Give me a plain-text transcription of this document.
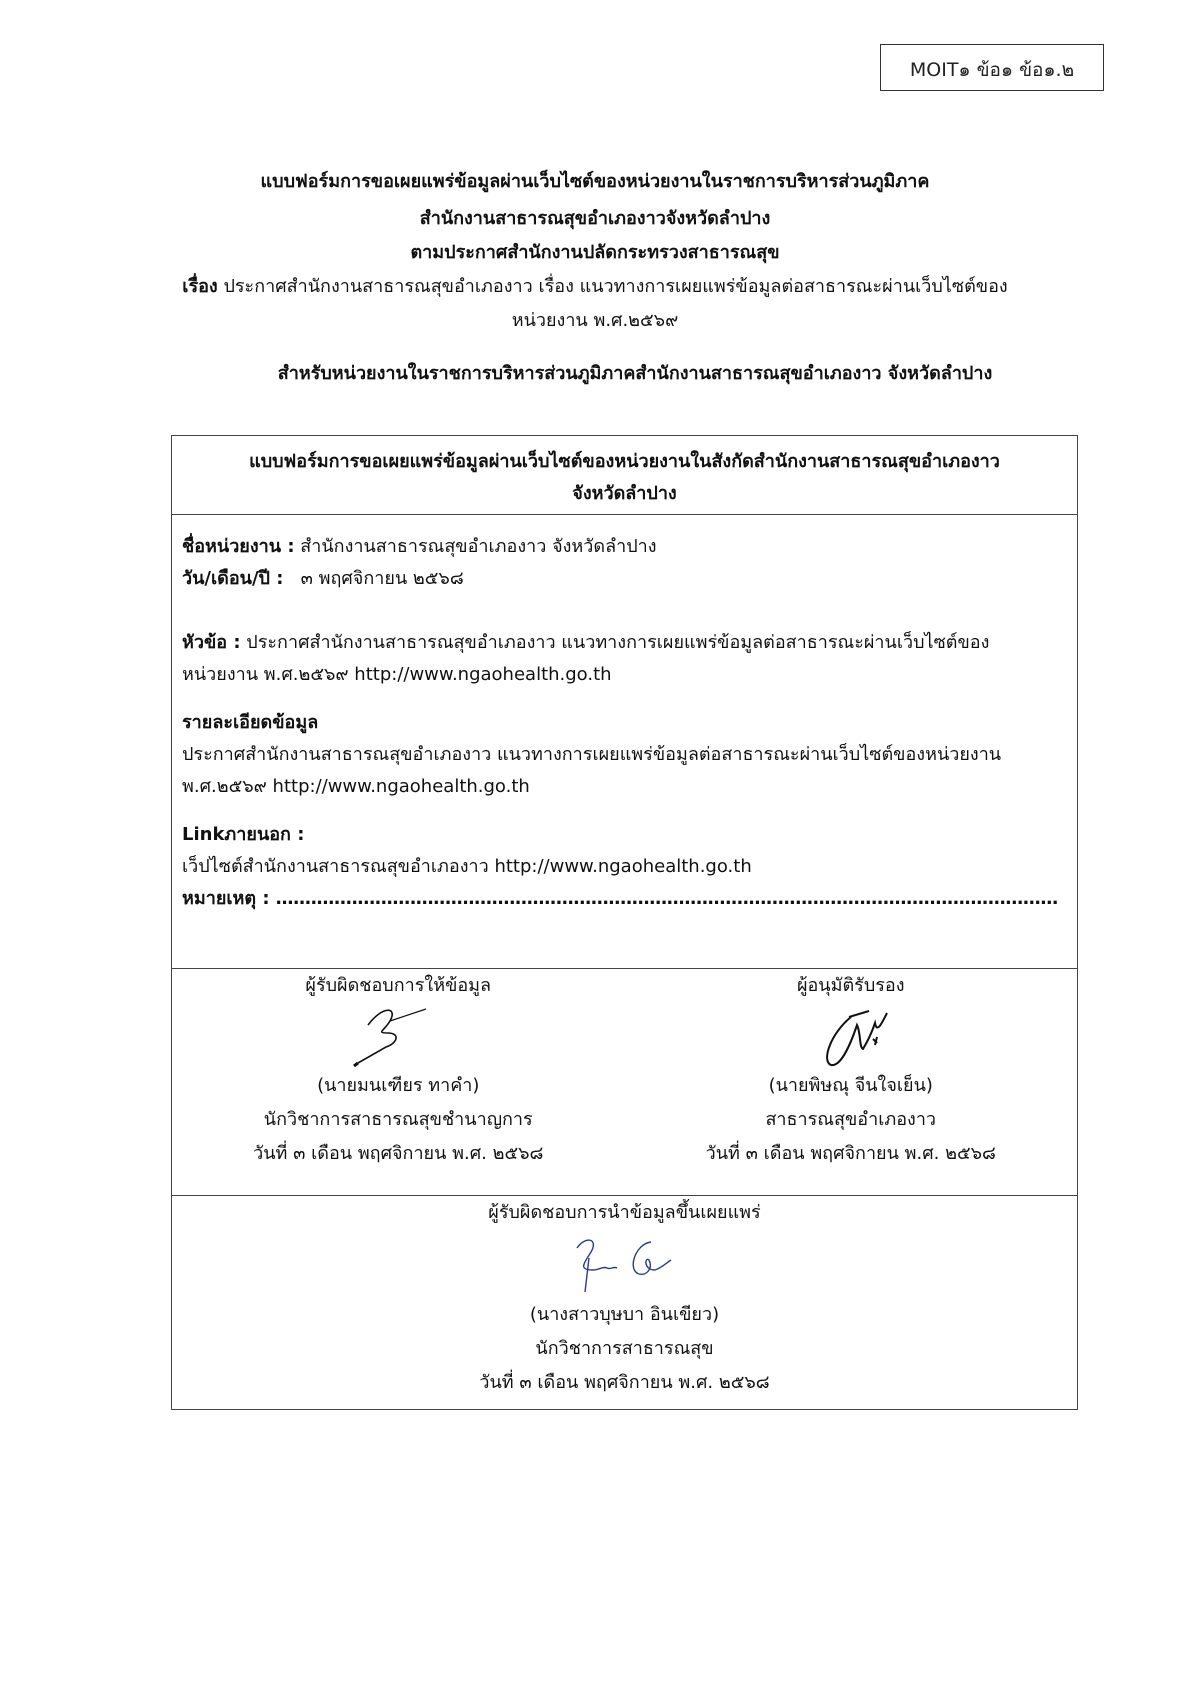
MOIT๑ ข้อ๑ ข้อ๑.๒
แบบฟอร์มการขอเผยแพร่ข้อมูลผ่านเว็บไซต์ของหน่วยงานในราชการบริหารส่วนภูมิภาค
สำนักงานสาธารณสุขอำเภองาวจังหวัดลำปาง
ตามประกาศสำนักงานปลัดกระทรวงสาธารณสุข
เรื่อง ประกาศสำนักงานสาธารณสุขอำเภองาว เรื่อง แนวทางการเผยแพร่ข้อมูลต่อสาธารณะผ่านเว็บไซต์ของ
หน่วยงาน พ.ศ.๒๕๖๙
สำหรับหน่วยงานในราชการบริหารส่วนภูมิภาคสำนักงานสาธารณสุขอำเภองาว จังหวัดลำปาง
แบบฟอร์มการขอเผยแพร่ข้อมูลผ่านเว็บไซต์ของหน่วยงานในสังกัดสำนักงานสาธารณสุขอำเภองาว
จังหวัดลำปาง

ชื่อหน่วยงาน : สำนักงานสาธารณสุขอำเภองาว จังหวัดลำปาง

วัน/เดือน/ปี : ๓ พฤศจิกายน ๒๕๖๘

หัวข้อ : ประกาศสำนักงานสาธารณสุขอำเภองาว แนวทางการเผยแพร่ข้อมูลต่อสาธารณะผ่านเว็บไซต์ของ

หน่วยงาน พ.ศ.๒๕๖๙ http://www.ngaohealth.go.th

รายละเอียดข้อมูล

ประกาศสำนักงานสาธารณสุขอำเภองาว แนวทางการเผยแพร่ข้อมูลต่อสาธารณะผ่านเว็บไซต์ของหน่วยงาน

พ.ศ.๒๕๖๙ http://www.ngaohealth.go.th

Linkภายนอก :

เว็ปไซต์สำนักงานสาธารณสุขอำเภองาว http://www.ngaohealth.go.th

หมายเหตุ : ......................................................................................................................................

ผู้รับผิดชอบการให้ข้อมูล
(นายมนเฑียร ทาคำ)
นักวิชาการสาธารณสุขชำนาญการ
วันที่ ๓ เดือน พฤศจิกายน พ.ศ. ๒๕๖๘
ผู้อนุมัติรับรอง
(นายพิษณุ จีนใจเย็น)
สาธารณสุขอำเภองาว
วันที่ ๓ เดือน พฤศจิกายน พ.ศ. ๒๕๖๘
ผู้รับผิดชอบการนำข้อมูลขึ้นเผยแพร่
(นางสาวบุษบา อินเขียว)
นักวิชาการสาธารณสุข
วันที่ ๓ เดือน พฤศจิกายน พ.ศ. ๒๕๖๘
